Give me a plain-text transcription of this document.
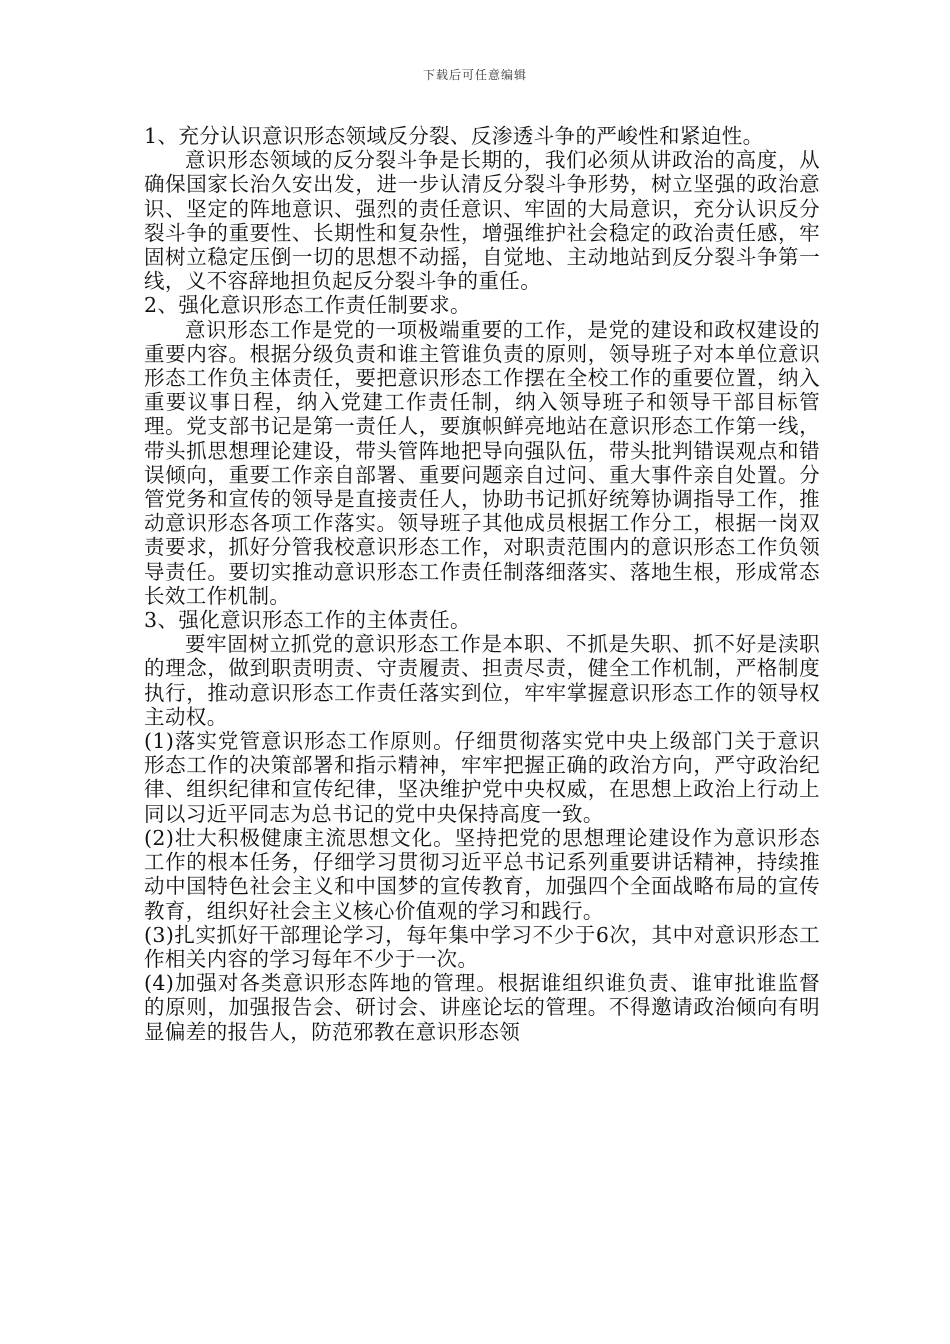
下载后可任意编辑

1、充分认识意识形态领域反分裂、反渗透斗争的严峻性和紧迫性。

意识形态领域的反分裂斗争是长期的，我们必须从讲政治的高度，从确保国家长治久安出发，进一步认清反分裂斗争形势，树立坚强的政治意识、坚定的阵地意识、强烈的责任意识、牢固的大局意识，充分认识反分裂斗争的重要性、长期性和复杂性，增强维护社会稳定的政治责任感，牢固树立稳定压倒一切的思想不动摇，自觉地、主动地站到反分裂斗争第一线，义不容辞地担负起反分裂斗争的重任。

2、强化意识形态工作责任制要求。

意识形态工作是党的一项极端重要的工作，是党的建设和政权建设的重要内容。根据分级负责和谁主管谁负责的原则，领导班子对本单位意识形态工作负主体责任，要把意识形态工作摆在全校工作的重要位置，纳入重要议事日程，纳入党建工作责任制，纳入领导班子和领导干部目标管理。党支部书记是第一责任人，要旗帜鲜亮地站在意识形态工作第一线，带头抓思想理论建设，带头管阵地把导向强队伍，带头批判错误观点和错误倾向，重要工作亲自部署、重要问题亲自过问、重大事件亲自处置。分管党务和宣传的领导是直接责任人，协助书记抓好统筹协调指导工作，推动意识形态各项工作落实。领导班子其他成员根据工作分工，根据一岗双责要求，抓好分管我校意识形态工作，对职责范围内的意识形态工作负领导责任。要切实推动意识形态工作责任制落细落实、落地生根，形成常态长效工作机制。

3、强化意识形态工作的主体责任。

要牢固树立抓党的意识形态工作是本职、不抓是失职、抓不好是渎职的理念，做到职责明责、守责履责、担责尽责，健全工作机制，严格制度执行，推动意识形态工作责任落实到位，牢牢掌握意识形态工作的领导权主动权。

(1)落实党管意识形态工作原则。仔细贯彻落实党中央上级部门关于意识形态工作的决策部署和指示精神，牢牢把握正确的政治方向，严守政治纪律、组织纪律和宣传纪律，坚决维护党中央权威，在思想上政治上行动上同以习近平同志为总书记的党中央保持高度一致。

(2)壮大积极健康主流思想文化。坚持把党的思想理论建设作为意识形态工作的根本任务，仔细学习贯彻习近平总书记系列重要讲话精神，持续推动中国特色社会主义和中国梦的宣传教育，加强四个全面战略布局的宣传教育，组织好社会主义核心价值观的学习和践行。

(3)扎实抓好干部理论学习，每年集中学习不少于6次，其中对意识形态工作相关内容的学习每年不少于一次。

(4)加强对各类意识形态阵地的管理。根据谁组织谁负责、谁审批谁监督的原则，加强报告会、研讨会、讲座论坛的管理。不得邀请政治倾向有明显偏差的报告人，防范邪教在意识形态领
